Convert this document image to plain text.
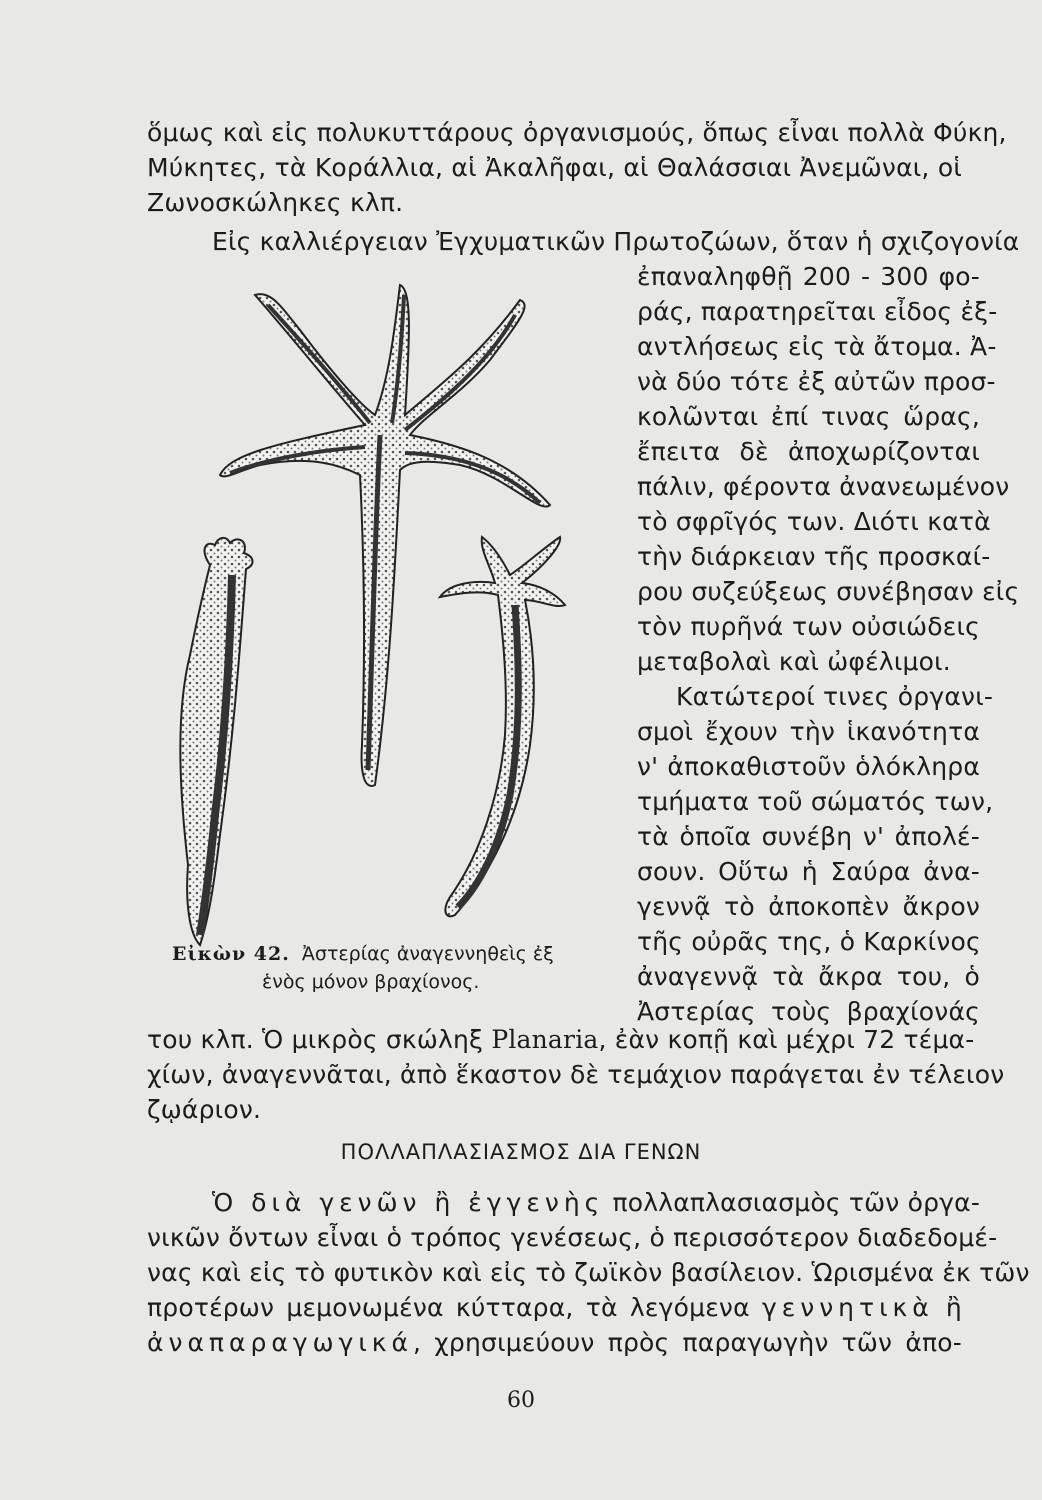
ὅμως καὶ εἰς πολυκυττάρους ὀργανισμούς, ὅπως εἶναι πολλὰ Φύκη,
Μύκητες, τὰ Κοράλλια, αἱ Ἀκαλῆφαι, αἱ Θαλάσσιαι Ἀνεμῶναι, οἱ
Ζωνοσκώληκες κλπ.
Εἰς καλλιέργειαν Ἐγχυματικῶν Πρωτοζώων, ὅταν ἡ σχιζογονία
ἐπαναληφθῇ 200 - 300 φο-
ράς, παρατηρεῖται εἶδος ἐξ-
αντλήσεως εἰς τὰ ἄτομα. Ἀ-
νὰ δύο τότε ἐξ αὐτῶν προσ-
κολῶνται ἐπί τινας ὥρας,
ἔπειτα δὲ ἀποχωρίζονται
πάλιν, φέροντα ἀνανεωμένον
τὸ σφρῖγός των. Διότι κατὰ
τὴν διάρκειαν τῆς προσκαί-
ρου συζεύξεως συνέβησαν εἰς
τὸν πυρῆνά των οὐσιώδεις
μεταβολαὶ καὶ ὠφέλιμοι.
Κατώτεροί τινες ὀργανι-
σμοὶ ἔχουν τὴν ἱκανότητα
ν' ἀποκαθιστοῦν ὁλόκληρα
τμήματα τοῦ σώματός των,
τὰ ὁποῖα συνέβη ν' ἀπολέ-
σουν. Οὕτω ἡ Σαύρα ἀνα-
γεννᾷ τὸ ἀποκοπὲν ἄκρον
τῆς οὐρᾶς της, ὁ Καρκίνος
ἀναγεννᾷ τὰ ἄκρα του, ὁ
Ἀστερίας τοὺς βραχίονάς
Εἰκὼν 42. Ἀστερίας ἀναγεννηθεὶς ἐξ
ἑνὸς μόνον βραχίονος.
του κλπ. Ὁ μικρὸς σκώληξ Planaria, ἐὰν κοπῇ καὶ μέχρι 72 τέμα-
χίων, ἀναγεννᾶται, ἀπὸ ἕκαστον δὲ τεμάχιον παράγεται ἐν τέλειον
ζῳάριον.
ΠΟΛΛΑΠΛΑΣΙΑΣΜΟΣ ΔΙΑ ΓΕΝΩΝ
Ὁ διὰ γενῶν ἢ ἐγγενὴς πολλαπλασιασμὸς τῶν ὀργα-
νικῶν ὄντων εἶναι ὁ τρόπος γενέσεως, ὁ περισσότερον διαδεδομέ-
νας καὶ εἰς τὸ φυτικὸν καὶ εἰς τὸ ζωϊκὸν βασίλειον. Ὡρισμένα ἐκ τῶν
προτέρων μεμονωμένα κύτταρα, τὰ λεγόμενα γεννητικὰ ἢ
ἀναπαραγωγικά, χρησιμεύουν πρὸς παραγωγὴν τῶν ἀπο-
60
